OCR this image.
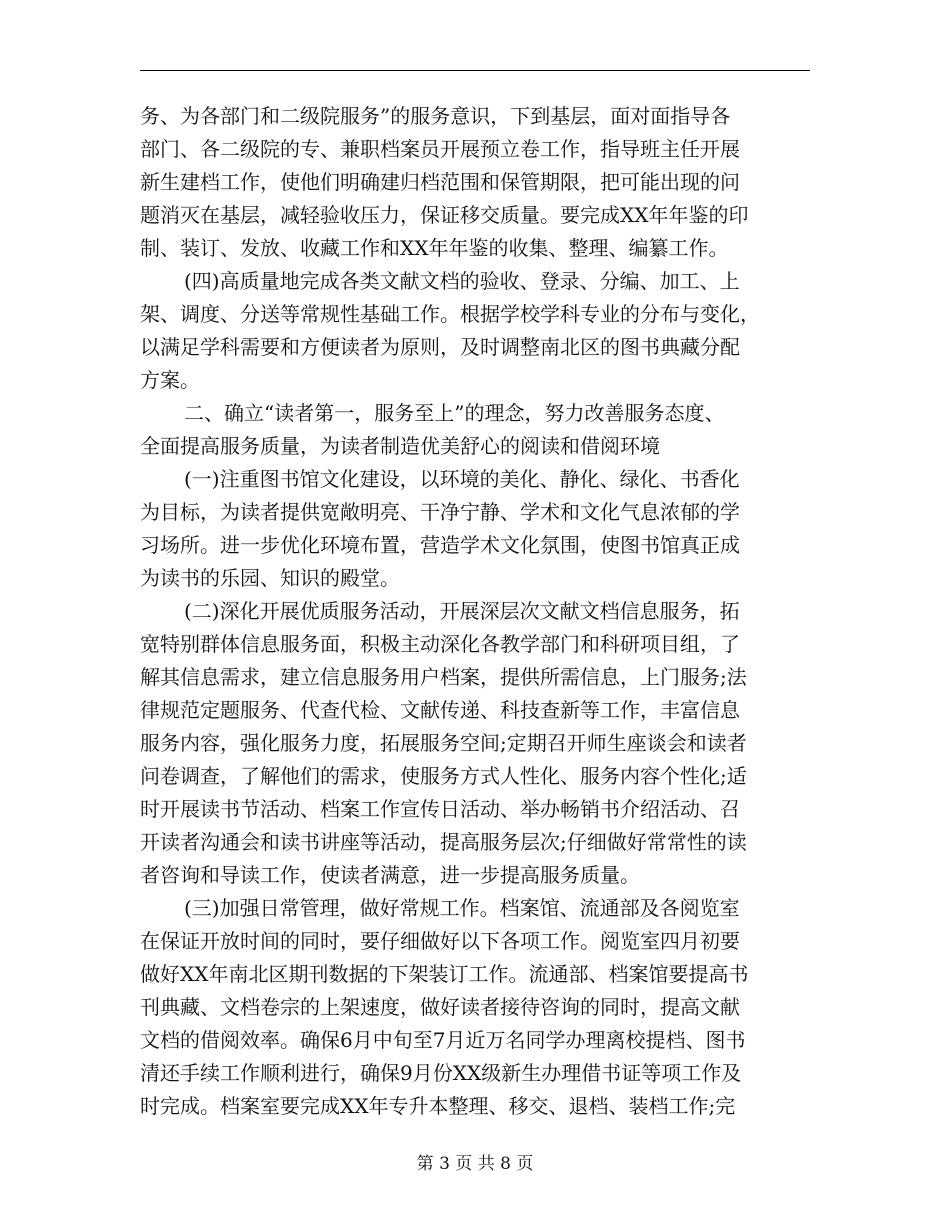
务、为各部门和二级院服务”的服务意识，下到基层，面对面指导各
部门、各二级院的专、兼职档案员开展预立卷工作，指导班主任开展
新生建档工作，使他们明确建归档范围和保管期限，把可能出现的问
题消灭在基层，减轻验收压力，保证移交质量。要完成XX年年鉴的印
制、装订、发放、收藏工作和XX年年鉴的收集、整理、编纂工作。
(四)高质量地完成各类文献文档的验收、登录、分编、加工、上
架、调度、分送等常规性基础工作。根据学校学科专业的分布与变化，
以满足学科需要和方便读者为原则，及时调整南北区的图书典藏分配
方案。
二、确立“读者第一，服务至上”的理念，努力改善服务态度、
全面提高服务质量，为读者制造优美舒心的阅读和借阅环境
(一)注重图书馆文化建设，以环境的美化、静化、绿化、书香化
为目标，为读者提供宽敞明亮、干净宁静、学术和文化气息浓郁的学
习场所。进一步优化环境布置，营造学术文化氛围，使图书馆真正成
为读书的乐园、知识的殿堂。
(二)深化开展优质服务活动，开展深层次文献文档信息服务，拓
宽特别群体信息服务面，积极主动深化各教学部门和科研项目组，了
解其信息需求，建立信息服务用户档案，提供所需信息，上门服务;法
律规范定题服务、代查代检、文献传递、科技查新等工作，丰富信息
服务内容，强化服务力度，拓展服务空间;定期召开师生座谈会和读者
问卷调查，了解他们的需求，使服务方式人性化、服务内容个性化;适
时开展读书节活动、档案工作宣传日活动、举办畅销书介绍活动、召
开读者沟通会和读书讲座等活动，提高服务层次;仔细做好常常性的读
者咨询和导读工作，使读者满意，进一步提高服务质量。
(三)加强日常管理，做好常规工作。档案馆、流通部及各阅览室
在保证开放时间的同时，要仔细做好以下各项工作。阅览室四月初要
做好XX年南北区期刊数据的下架装订工作。流通部、档案馆要提高书
刊典藏、文档卷宗的上架速度，做好读者接待咨询的同时，提高文献
文档的借阅效率。确保6月中旬至7月近万名同学办理离校提档、图书
清还手续工作顺利进行，确保9月份XX级新生办理借书证等项工作及
时完成。档案室要完成XX年专升本整理、移交、退档、装档工作;完
第 3 页 共 8 页
